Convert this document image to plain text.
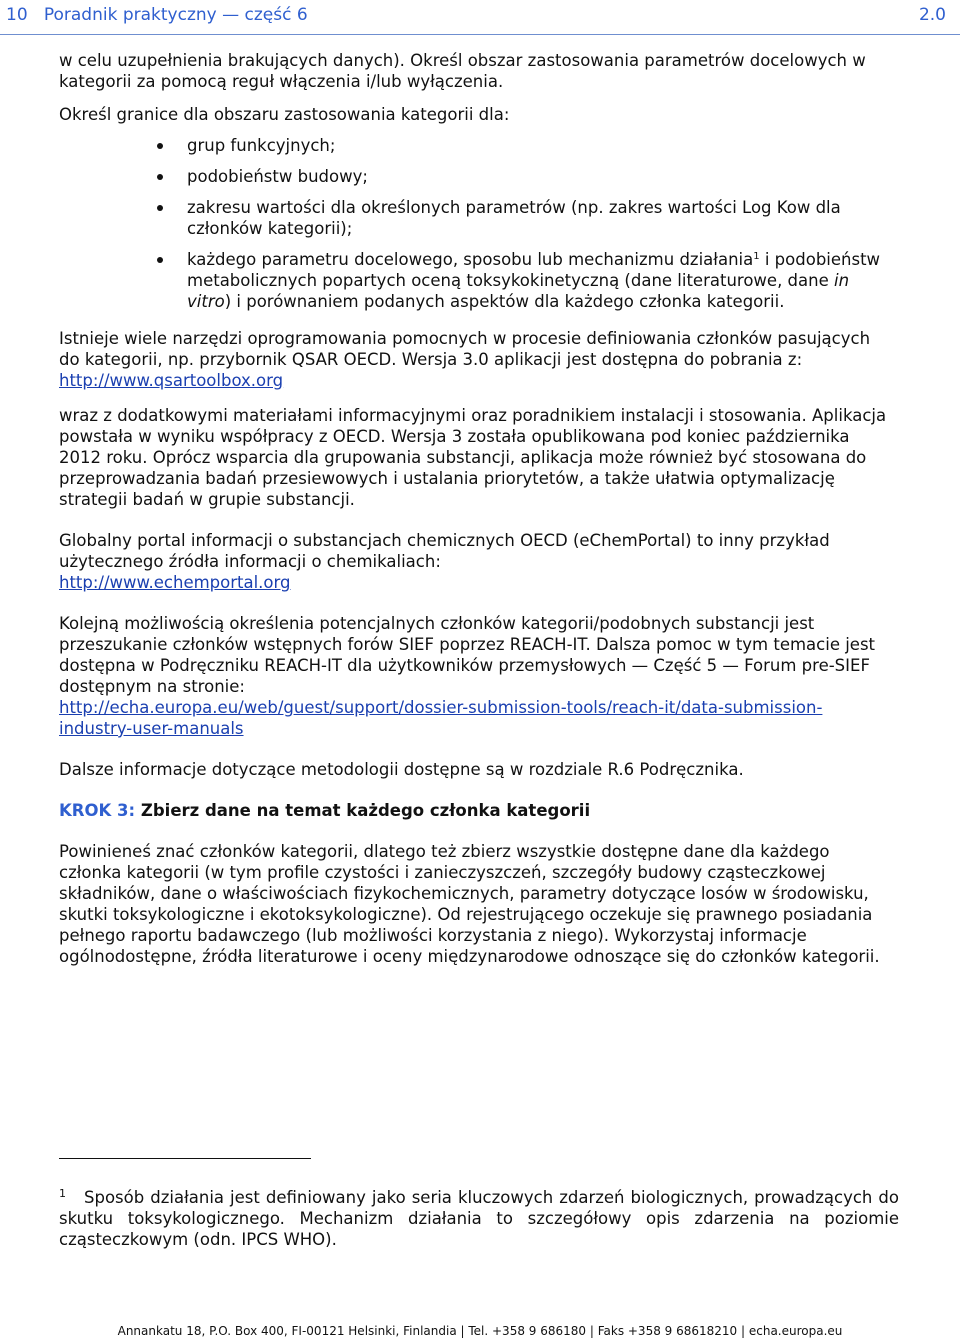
10   Poradnik praktyczny — część 6	2.0

w celu uzupełnienia brakujących danych). Określ obszar zastosowania parametrów docelowych w kategorii za pomocą reguł włączenia i/lub wyłączenia.

Określ granice dla obszaru zastosowania kategorii dla:

grup funkcyjnych;
podobieństw budowy;
zakresu wartości dla określonych parametrów (np. zakres wartości Log Kow dla członków kategorii);
każdego parametru docelowego, sposobu lub mechanizmu działania$^1$ i podobieństw metabolicznych popartych oceną toksykokinetyczną (dane literaturowe, dane in vitro) i porównaniem podanych aspektów dla każdego członka kategorii.

Istnieje wiele narzędzi oprogramowania pomocnych w procesie definiowania członków pasujących do kategorii, np. przybornik QSAR OECD. Wersja 3.0 aplikacji jest dostępna do pobrania z:
http://www.qsartoolbox.org

wraz z dodatkowymi materiałami informacyjnymi oraz poradnikiem instalacji i stosowania. Aplikacja powstała w wyniku współpracy z OECD. Wersja 3 została opublikowana pod koniec października 2012 roku. Oprócz wsparcia dla grupowania substancji, aplikacja może również być stosowana do przeprowadzania badań przesiewowych i ustalania priorytetów, a także ułatwia optymalizację strategii badań w grupie substancji.

Globalny portal informacji o substancjach chemicznych OECD (eChemPortal) to inny przykład użytecznego źródła informacji o chemikaliach:
http://www.echemportal.org

Kolejną możliwością określenia potencjalnych członków kategorii/podobnych substancji jest przeszukanie członków wstępnych forów SIEF poprzez REACH-IT. Dalsza pomoc w tym temacie jest dostępna w Podręczniku REACH-IT dla użytkowników przemysłowych — Część 5 — Forum pre-SIEF dostępnym na stronie:
http://echa.europa.eu/web/guest/support/dossier-submission-tools/reach-it/data-submission-industry-user-manuals

Dalsze informacje dotyczące metodologii dostępne są w rozdziale R.6 Podręcznika.

KROK 3: Zbierz dane na temat każdego członka kategorii

Powinieneś znać członków kategorii, dlatego też zbierz wszystkie dostępne dane dla każdego członka kategorii (w tym profile czystości i zanieczyszczeń, szczegóły budowy cząsteczkowej składników, dane o właściwościach fizykochemicznych, parametry dotyczące losów w środowisku, skutki toksykologiczne i ekotoksykologiczne). Od rejestrującego oczekuje się prawnego posiadania pełnego raportu badawczego (lub możliwości korzystania z niego). Wykorzystaj informacje ogólnodostępne, źródła literaturowe i oceny międzynarodowe odnoszące się do członków kategorii.

$^1$ Sposób działania jest definiowany jako seria kluczowych zdarzeń biologicznych, prowadzących do skutku toksykologicznego. Mechanizm działania to szczegółowy opis zdarzenia na poziomie cząsteczkowym (odn. IPCS WHO).
Annankatu 18, P.O. Box 400, FI-00121 Helsinki, Finlandia | Tel. +358 9 686180 | Faks +358 9 68618210 | echa.europa.eu
